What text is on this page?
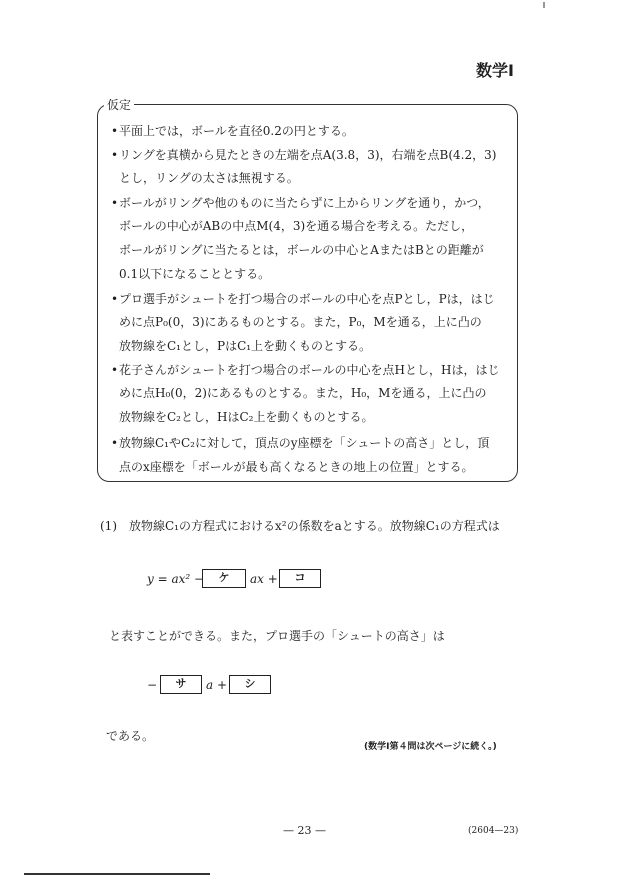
数学Ⅰ
仮定
•平面上では，ボールを直径0.2の円とする。
•リングを真横から見たときの左端を点A(3.8，3)，右端を点B(4.2，3)
とし，リングの太さは無視する。
•ボールがリングや他のものに当たらずに上からリングを通り，かつ，
ボールの中心がABの中点M(4，3)を通る場合を考える。ただし，
ボールがリングに当たるとは，ボールの中心とAまたはBとの距離が
0.1以下になることとする。
•プロ選手がシュートを打つ場合のボールの中心を点Pとし，Pは，はじ
めに点P₀(0，3)にあるものとする。また，P₀，Mを通る，上に凸の
放物線をC₁とし，PはC₁上を動くものとする。
•花子さんがシュートを打つ場合のボールの中心を点Hとし，Hは，はじ
めに点H₀(0，2)にあるものとする。また，H₀，Mを通る，上に凸の
放物線をC₂とし，HはC₂上を動くものとする。
•放物線C₁やC₂に対して，頂点のy座標を「シュートの高さ」とし，頂
点のx座標を「ボールが最も高くなるときの地上の位置」とする。
(1)　放物線C₁の方程式におけるx²の係数をaとする。放物線C₁の方程式は
y = ax² −	ケ	ax +	コ
と表すことができる。また，プロ選手の「シュートの高さ」は
−	サ	a +	シ
である。
(数学Ⅰ第４問は次ページに続く。)
— 23 —	(2604—23)
